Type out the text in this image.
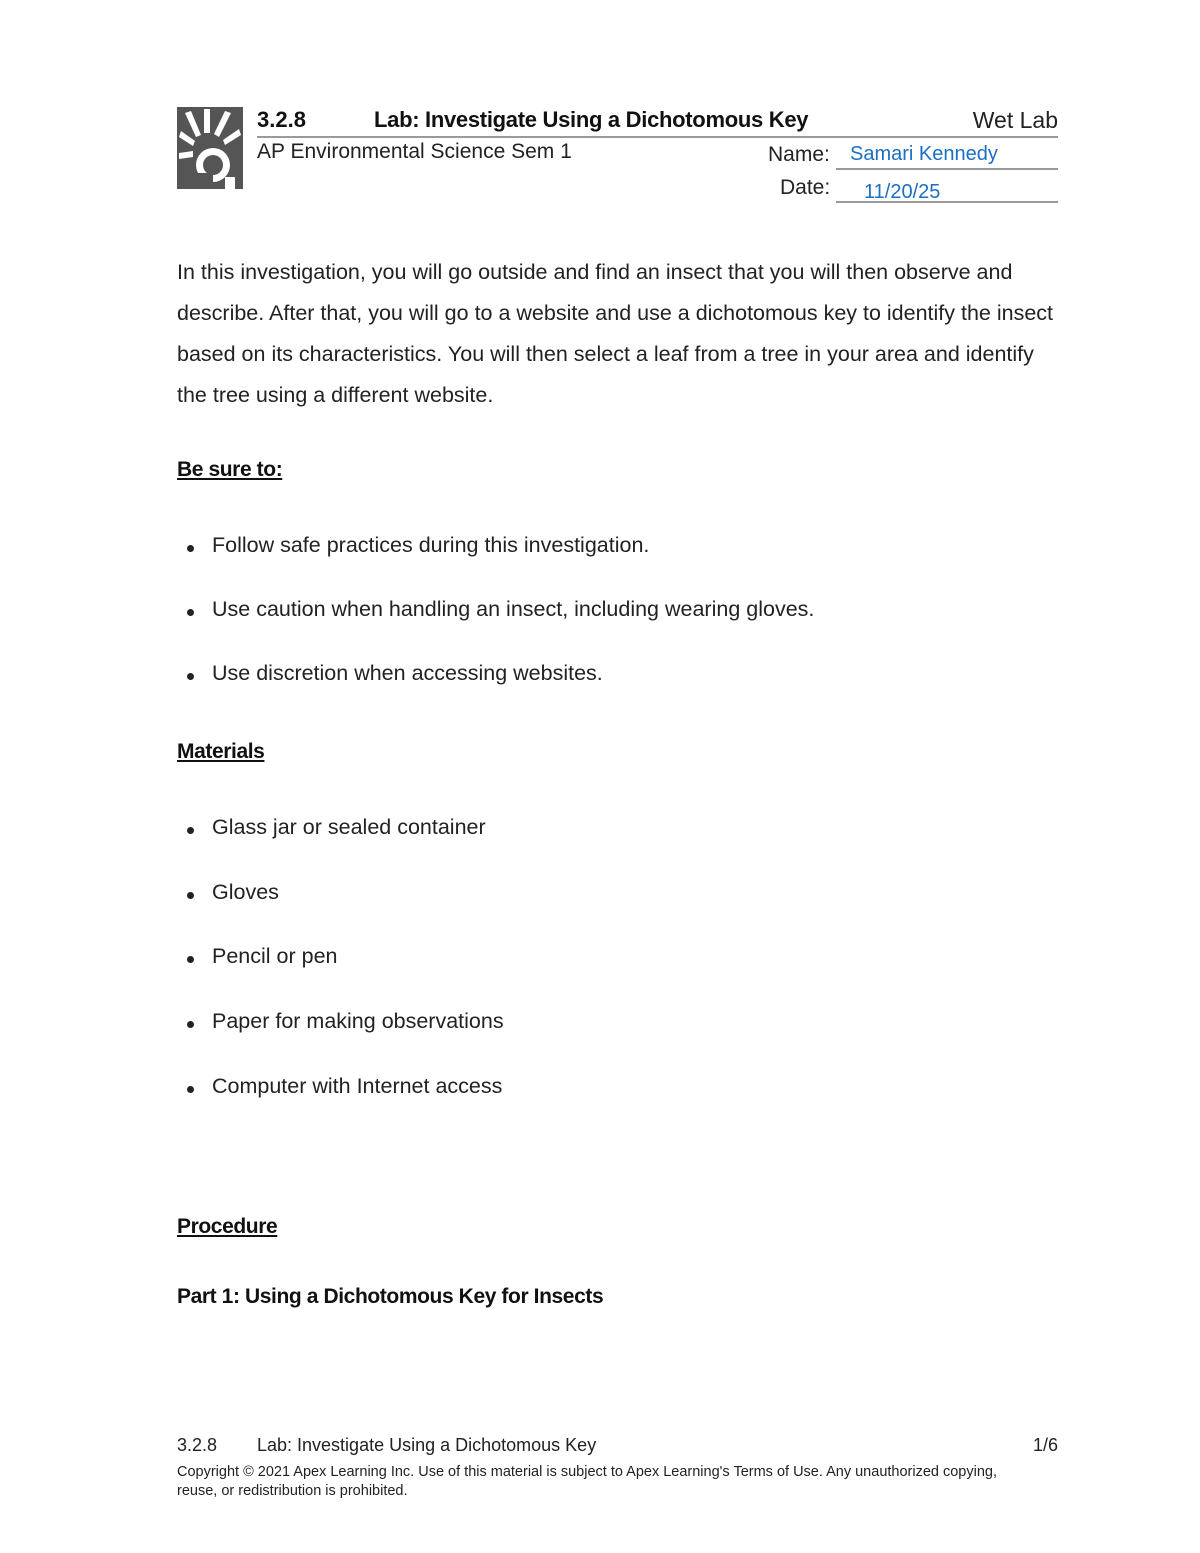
3.2.8	Lab: Investigate Using a Dichotomous Key	Wet Lab
AP Environmental Science Sem 1	Name: Samari Kennedy
Date: 11/20/25

In this investigation, you will go outside and find an insect that you will then observe and describe. After that, you will go to a website and use a dichotomous key to identify the insect based on its characteristics. You will then select a leaf from a tree in your area and identify the tree using a different website.

Be sure to:
Follow safe practices during this investigation.
Use caution when handling an insect, including wearing gloves.
Use discretion when accessing websites.
Materials
Glass jar or sealed container
Gloves
Pencil or pen
Paper for making observations
Computer with Internet access
Procedure
Part 1: Using a Dichotomous Key for Insects
3.2.8 Lab: Investigate Using a Dichotomous Key	1/6
Copyright © 2021 Apex Learning Inc. Use of this material is subject to Apex Learning's Terms of Use. Any unauthorized copying, reuse, or redistribution is prohibited.
